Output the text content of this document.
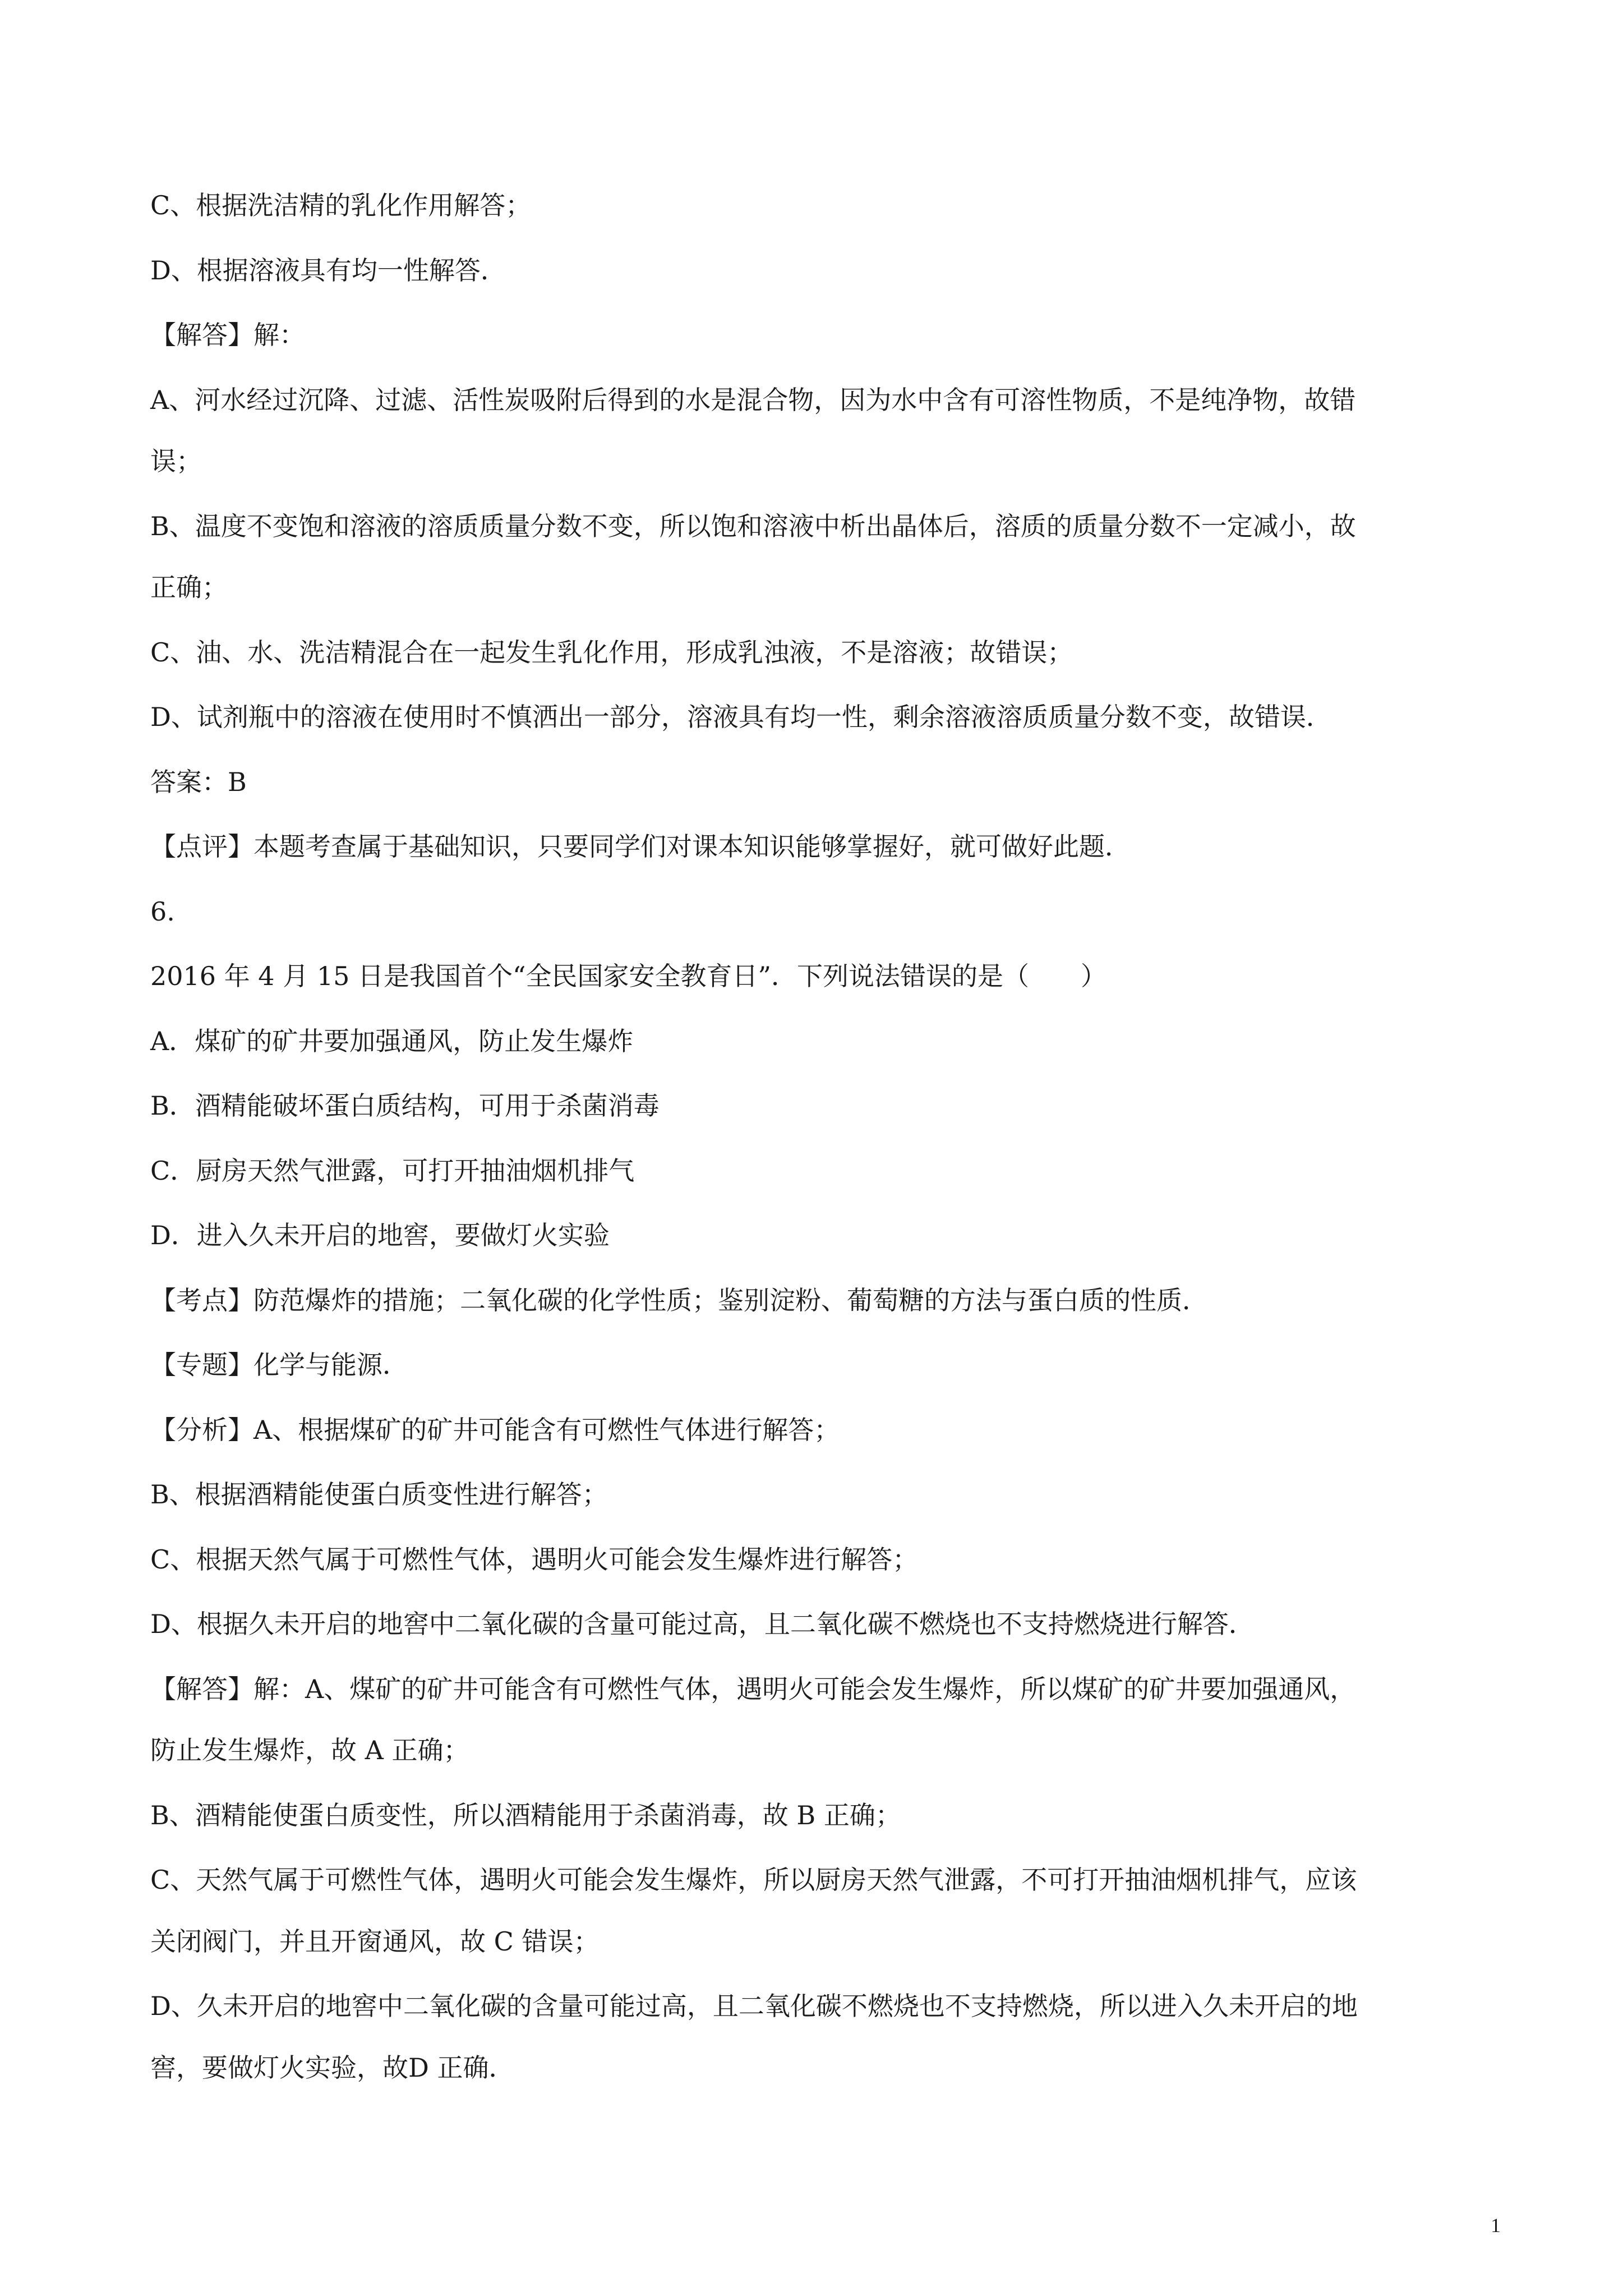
C、根据洗洁精的乳化作用解答；

D、根据溶液具有均一性解答．

【解答】解：

A、河水经过沉降、过滤、活性炭吸附后得到的水是混合物，因为水中含有可溶性物质，不是纯净物，故错

误；

B、温度不变饱和溶液的溶质质量分数不变，所以饱和溶液中析出晶体后，溶质的质量分数不一定减小，故

正确；

C、油、水、洗洁精混合在一起发生乳化作用，形成乳浊液，不是溶液；故错误；

D、试剂瓶中的溶液在使用时不慎洒出一部分，溶液具有均一性，剩余溶液溶质质量分数不变，故错误．

答案：B

【点评】本题考查属于基础知识，只要同学们对课本知识能够掌握好，就可做好此题．

6.

2016 年 4 月 15 日是我国首个“全民国家安全教育日”．下列说法错误的是（　　）

A．煤矿的矿井要加强通风，防止发生爆炸

B．酒精能破坏蛋白质结构，可用于杀菌消毒

C．厨房天然气泄露，可打开抽油烟机排气

D．进入久未开启的地窖，要做灯火实验

【考点】防范爆炸的措施；二氧化碳的化学性质；鉴别淀粉、葡萄糖的方法与蛋白质的性质．

【专题】化学与能源．

【分析】A、根据煤矿的矿井可能含有可燃性气体进行解答；

B、根据酒精能使蛋白质变性进行解答；

C、根据天然气属于可燃性气体，遇明火可能会发生爆炸进行解答；

D、根据久未开启的地窖中二氧化碳的含量可能过高，且二氧化碳不燃烧也不支持燃烧进行解答．

【解答】解：A、煤矿的矿井可能含有可燃性气体，遇明火可能会发生爆炸，所以煤矿的矿井要加强通风，

防止发生爆炸，故 A 正确；

B、酒精能使蛋白质变性，所以酒精能用于杀菌消毒，故 B 正确；

C、天然气属于可燃性气体，遇明火可能会发生爆炸，所以厨房天然气泄露，不可打开抽油烟机排气，应该

关闭阀门，并且开窗通风，故 C 错误；

D、久未开启的地窖中二氧化碳的含量可能过高，且二氧化碳不燃烧也不支持燃烧，所以进入久未开启的地

窖，要做灯火实验，故D 正确．

1
